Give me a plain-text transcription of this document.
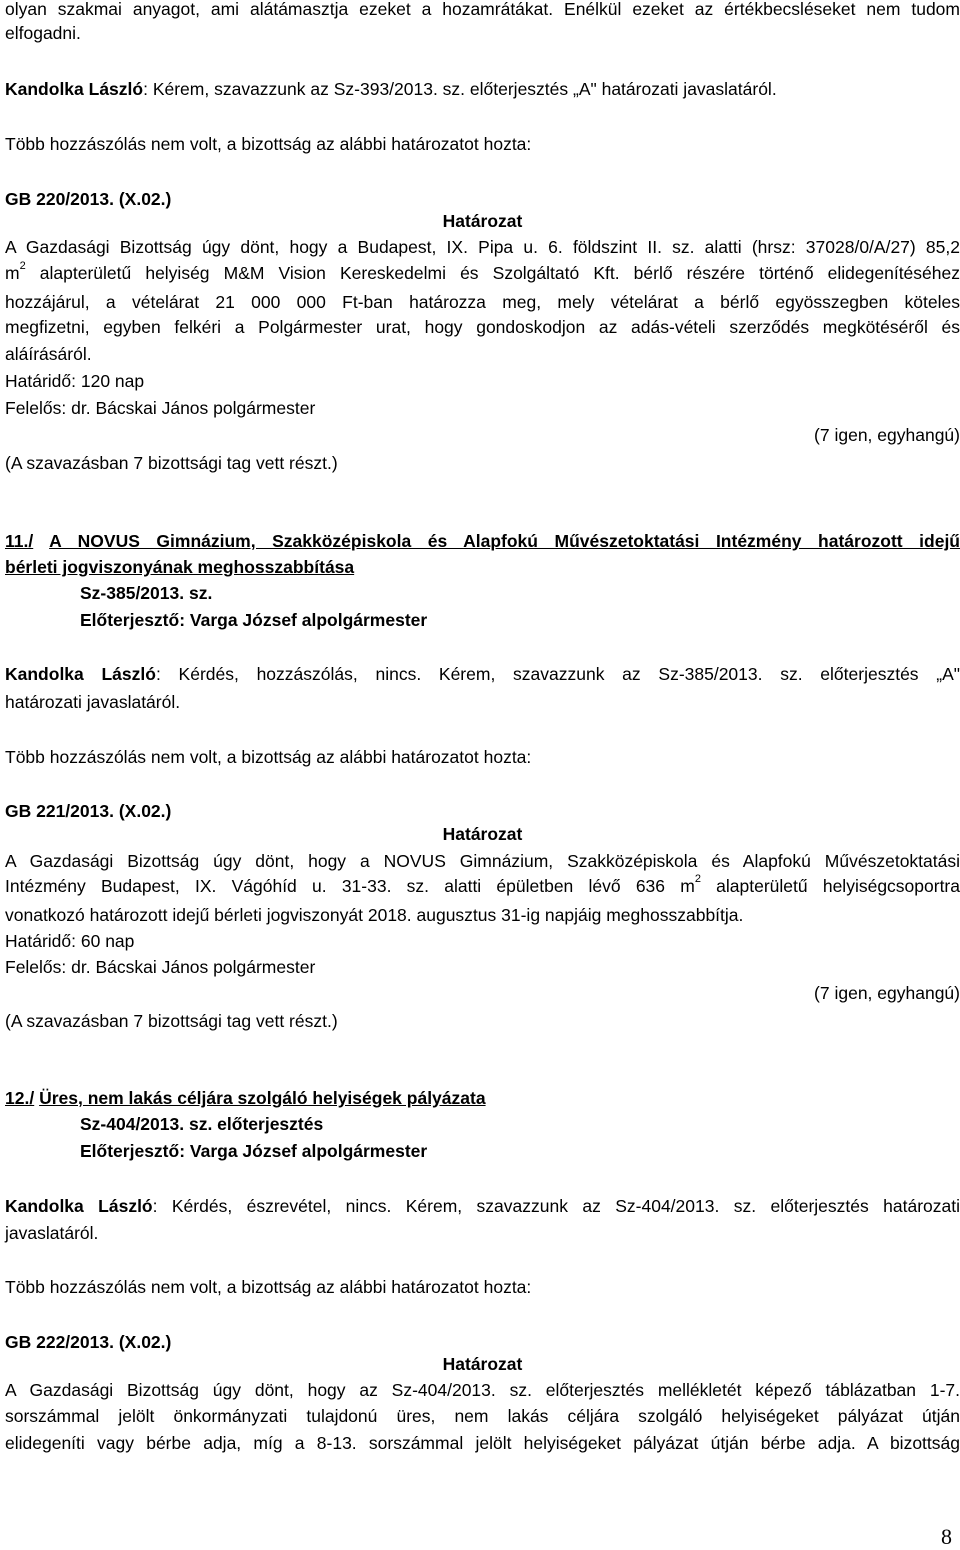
olyan szakmai anyagot, ami alátámasztja ezeket a hozamrátákat. Enélkül ezeket az értékbecsléseket nem tudom
elfogadni.
Kandolka László: Kérem, szavazzunk az Sz-393/2013. sz. előterjesztés „A" határozati javaslatáról.
Több hozzászólás nem volt, a bizottság az alábbi határozatot hozta:
GB 220/2013. (X.02.)
Határozat
A Gazdasági Bizottság úgy dönt, hogy a Budapest, IX. Pipa u. 6. földszint II. sz. alatti (hrsz: 37028/0/A/27) 85,2
$m^2$ alapterületű helyiség M&M Vision Kereskedelmi és Szolgáltató Kft. bérlő részére történő elidegenítéséhez
hozzájárul, a vételárat 21 000 000 Ft-ban határozza meg, mely vételárat a bérlő egyösszegben köteles
megfizetni, egyben felkéri a Polgármester urat, hogy gondoskodjon az adás-vételi szerződés megkötéséről és
aláírásáról.
Határidő: 120 nap
Felelős: dr. Bácskai János polgármester
(7 igen, egyhangú)
(A szavazásban 7 bizottsági tag vett részt.)
11./ A NOVUS Gimnázium, Szakközépiskola és Alapfokú Művészetoktatási Intézmény határozott idejű
bérleti jogviszonyának meghosszabbítása
Sz-385/2013. sz.
Előterjesztő: Varga József alpolgármester
Kandolka László: Kérdés, hozzászólás, nincs. Kérem, szavazzunk az Sz-385/2013. sz. előterjesztés „A"
határozati javaslatáról.
Több hozzászólás nem volt, a bizottság az alábbi határozatot hozta:
GB 221/2013. (X.02.)
Határozat
A Gazdasági Bizottság úgy dönt, hogy a NOVUS Gimnázium, Szakközépiskola és Alapfokú Művészetoktatási
Intézmény Budapest, IX. Vágóhíd u. 31-33. sz. alatti épületben lévő 636 $m^2$ alapterületű helyiségcsoportra
vonatkozó határozott idejű bérleti jogviszonyát 2018. augusztus 31-ig napjáig meghosszabbítja.
Határidő: 60 nap
Felelős: dr. Bácskai János polgármester
(7 igen, egyhangú)
(A szavazásban 7 bizottsági tag vett részt.)
12./ Üres, nem lakás céljára szolgáló helyiségek pályázata
Sz-404/2013. sz. előterjesztés
Előterjesztő: Varga József alpolgármester
Kandolka László: Kérdés, észrevétel, nincs. Kérem, szavazzunk az Sz-404/2013. sz. előterjesztés határozati
javaslatáról.
Több hozzászólás nem volt, a bizottság az alábbi határozatot hozta:
GB 222/2013. (X.02.)
Határozat
A Gazdasági Bizottság úgy dönt, hogy az Sz-404/2013. sz. előterjesztés mellékletét képező táblázatban 1-7.
sorszámmal jelölt önkormányzati tulajdonú üres, nem lakás céljára szolgáló helyiségeket pályázat útján
elidegeníti vagy bérbe adja, míg a 8-13. sorszámmal jelölt helyiségeket pályázat útján bérbe adja. A bizottság
8
